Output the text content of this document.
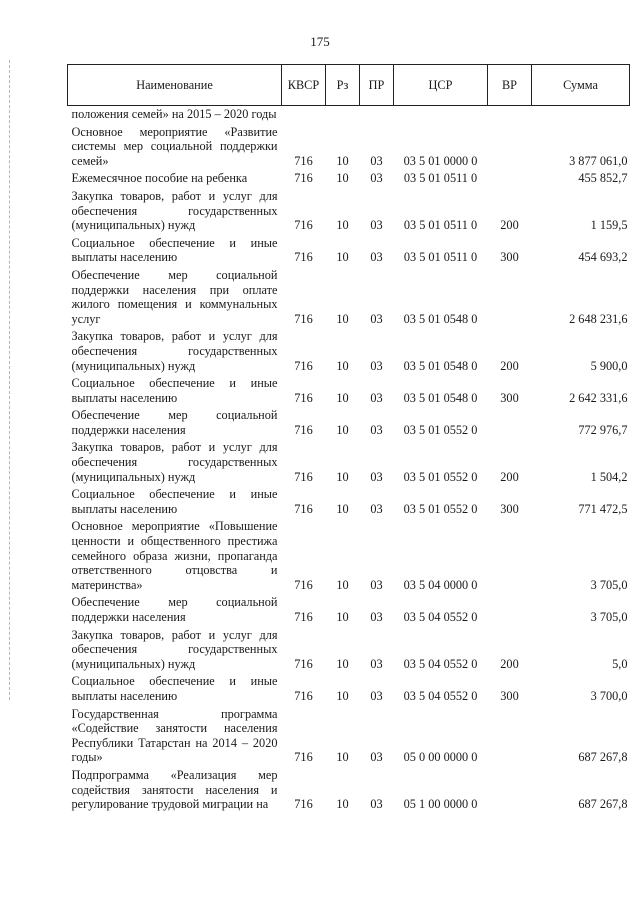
175
Наименование	КВСР	Рз	ПР	ЦСР	ВР	Сумма
положения семей» на 2015 – 2020 годы						
Основное мероприятие «Развитие системы мер социальной поддержки семей»	716	10	03	03 5 01 0000 0		3 877 061,0
Ежемесячное пособие на ребенка	716	10	03	03 5 01 0511 0		455 852,7
Закупка товаров, работ и услуг для обеспечения государственных (муниципальных) нужд	716	10	03	03 5 01 0511 0	200	1 159,5
Социальное обеспечение и иные выплаты населению	716	10	03	03 5 01 0511 0	300	454 693,2
Обеспечение мер социальной поддержки населения при оплате жилого помещения и коммунальных услуг	716	10	03	03 5 01 0548 0		2 648 231,6
Закупка товаров, работ и услуг для обеспечения государственных (муниципальных) нужд	716	10	03	03 5 01 0548 0	200	5 900,0
Социальное обеспечение и иные выплаты населению	716	10	03	03 5 01 0548 0	300	2 642 331,6
Обеспечение мер социальной поддержки населения	716	10	03	03 5 01 0552 0		772 976,7
Закупка товаров, работ и услуг для обеспечения государственных (муниципальных) нужд	716	10	03	03 5 01 0552 0	200	1 504,2
Социальное обеспечение и иные выплаты населению	716	10	03	03 5 01 0552 0	300	771 472,5
Основное мероприятие «Повышение ценности и общественного престижа семейного образа жизни, пропаганда ответственного отцовства и материнства»	716	10	03	03 5 04 0000 0		3 705,0
Обеспечение мер социальной поддержки населения	716	10	03	03 5 04 0552 0		3 705,0
Закупка товаров, работ и услуг для обеспечения государственных (муниципальных) нужд	716	10	03	03 5 04 0552 0	200	5,0
Социальное обеспечение и иные выплаты населению	716	10	03	03 5 04 0552 0	300	3 700,0
Государственная программа «Содействие занятости населения Республики Татарстан на 2014 – 2020 годы»	716	10	03	05 0 00 0000 0		687 267,8
Подпрограмма «Реализация мер содействия занятости населения и регулирование трудовой миграции на	716	10	03	05 1 00 0000 0		687 267,8
